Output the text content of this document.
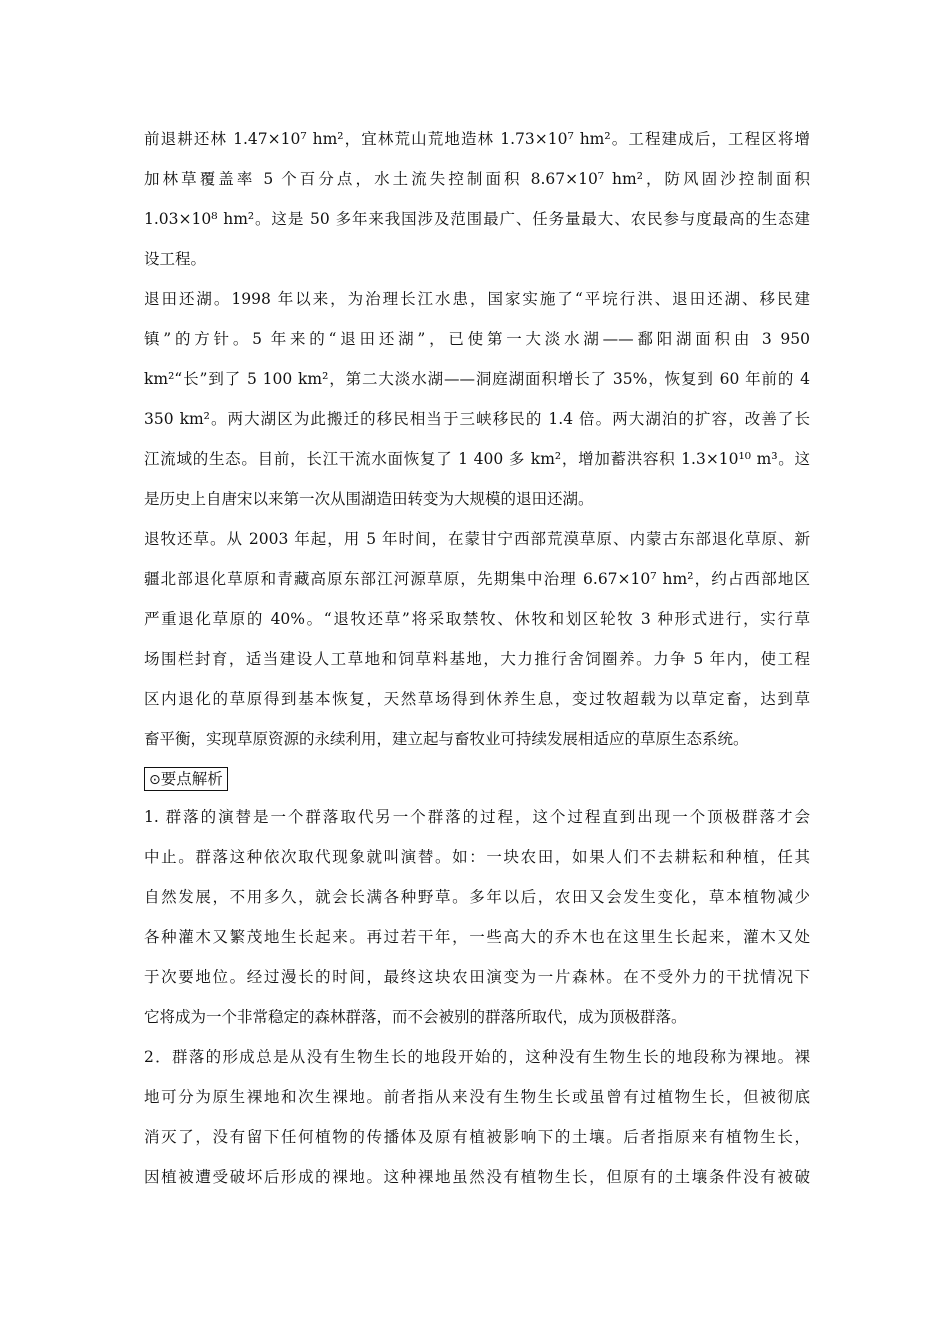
前退耕还林 1.47×10⁷ hm²，宜林荒山荒地造林 1.73×10⁷ hm²。工程建成后，工程区将增
加林草覆盖率 5 个百分点，水土流失控制面积 8.67×10⁷ hm²，防风固沙控制面积
1.03×10⁸ hm²。这是 50 多年来我国涉及范围最广、任务量最大、农民参与度最高的生态建
设工程。
退田还湖。1998 年以来，为治理长江水患，国家实施了“平垸行洪、退田还湖、移民建
镇”的方针。5 年来的“退田还湖”，已使第一大淡水湖——鄱阳湖面积由 3 950
km²“长”到了 5 100 km²，第二大淡水湖——洞庭湖面积增长了 35%，恢复到 60 年前的 4
350 km²。两大湖区为此搬迁的移民相当于三峡移民的 1.4 倍。两大湖泊的扩容，改善了长
江流域的生态。目前，长江干流水面恢复了 1 400 多 km²，增加蓄洪容积 1.3×10¹⁰ m³。这
是历史上自唐宋以来第一次从围湖造田转变为大规模的退田还湖。
退牧还草。从 2003 年起，用 5 年时间，在蒙甘宁西部荒漠草原、内蒙古东部退化草原、新
疆北部退化草原和青藏高原东部江河源草原，先期集中治理 6.67×10⁷ hm²，约占西部地区
严重退化草原的 40%。“退牧还草”将采取禁牧、休牧和划区轮牧 3 种形式进行，实行草
场围栏封育，适当建设人工草地和饲草料基地，大力推行舍饲圈养。力争 5 年内，使工程
区内退化的草原得到基本恢复，天然草场得到休养生息，变过牧超载为以草定畜，达到草
畜平衡，实现草原资源的永续利用，建立起与畜牧业可持续发展相适应的草原生态系统。
⊙要点解析
1. 群落的演替是一个群落取代另一个群落的过程，这个过程直到出现一个顶极群落才会
中止。群落这种依次取代现象就叫演替。如：一块农田，如果人们不去耕耘和种植，任其
自然发展，不用多久，就会长满各种野草。多年以后，农田又会发生变化，草本植物减少
各种灌木又繁茂地生长起来。再过若干年，一些高大的乔木也在这里生长起来，灌木又处
于次要地位。经过漫长的时间，最终这块农田演变为一片森林。在不受外力的干扰情况下
它将成为一个非常稳定的森林群落，而不会被别的群落所取代，成为顶极群落。
2．群落的形成总是从没有生物生长的地段开始的，这种没有生物生长的地段称为裸地。裸
地可分为原生裸地和次生裸地。前者指从来没有生物生长或虽曾有过植物生长，但被彻底
消灭了，没有留下任何植物的传播体及原有植被影响下的土壤。后者指原来有植物生长，
因植被遭受破坏后形成的裸地。这种裸地虽然没有植物生长，但原有的土壤条件没有被破
